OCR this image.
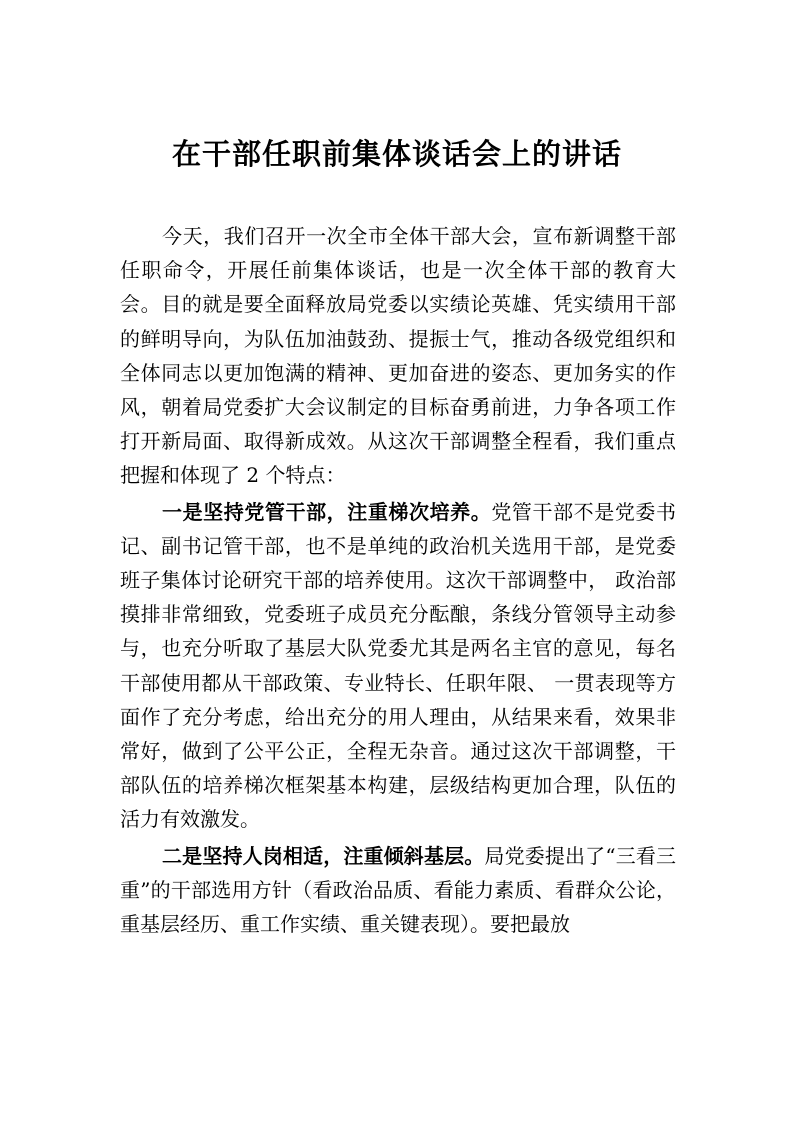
在干部任职前集体谈话会上的讲话

今天，我们召开一次全市全体干部大会，宣布新调整干部任职命令，开展任前集体谈话，也是一次全体干部的教育大会。目的就是要全面释放局党委以实绩论英雄、凭实绩用干部的鲜明导向，为队伍加油鼓劲、提振士气，推动各级党组织和全体同志以更加饱满的精神、更加奋进的姿态、更加务实的作风，朝着局党委扩大会议制定的目标奋勇前进，力争各项工作打开新局面、取得新成效。从这次干部调整全程看，我们重点把握和体现了 2 个特点：

一是坚持党管干部，注重梯次培养。党管干部不是党委书记、副书记管干部，也不是单纯的政治机关选用干部，是党委班子集体讨论研究干部的培养使用。这次干部调整中， 政治部摸排非常细致，党委班子成员充分酝酿，条线分管领导主动参与，也充分听取了基层大队党委尤其是两名主官的意见，每名干部使用都从干部政策、专业特长、任职年限、 一贯表现等方面作了充分考虑，给出充分的用人理由，从结果来看，效果非常好，做到了公平公正，全程无杂音。通过这次干部调整，干部队伍的培养梯次框架基本构建，层级结构更加合理，队伍的活力有效激发。

二是坚持人岗相适，注重倾斜基层。局党委提出了“三看三重”的干部选用方针（看政治品质、看能力素质、看群众公论，重基层经历、重工作实绩、重关键表现）。要把最放
